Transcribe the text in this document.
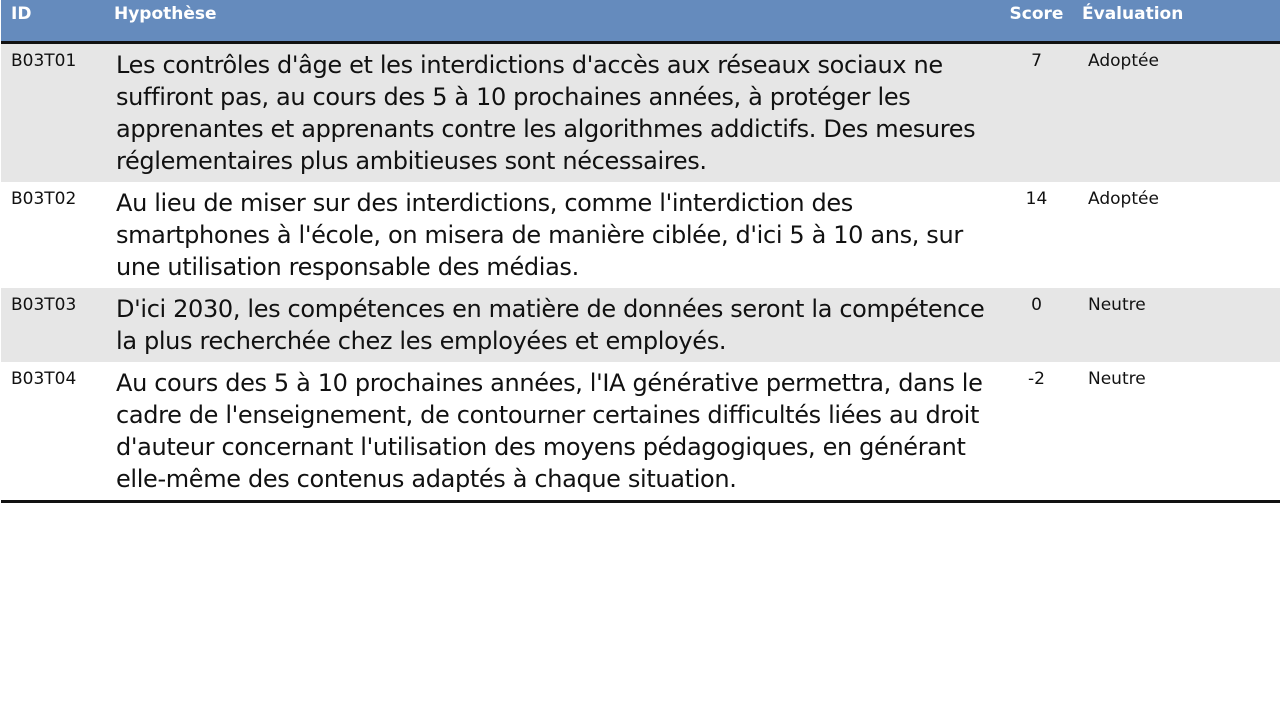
ID	Hypothèse	Score	Évaluation
B03T01	Les contrôles d'âge et les interdictions d'accès aux réseaux sociaux ne suffiront pas, au cours des 5 à 10 prochaines années, à protéger les apprenantes et apprenants contre les algorithmes addictifs. Des mesures réglementaires plus ambitieuses sont nécessaires.	7	Adoptée
B03T02	Au lieu de miser sur des interdictions, comme l'interdiction des smartphones à l'école, on misera de manière ciblée, d'ici 5 à 10 ans, sur une utilisation responsable des médias.	14	Adoptée
B03T03	D'ici 2030, les compétences en matière de données seront la compétence la plus recherchée chez les employées et employés.	0	Neutre
B03T04	Au cours des 5 à 10 prochaines années, l'IA générative permettra, dans le cadre de l'enseignement, de contourner certaines difficultés liées au droit d'auteur concernant l'utilisation des moyens pédagogiques, en générant elle-même des contenus adaptés à chaque situation.	-2	Neutre
